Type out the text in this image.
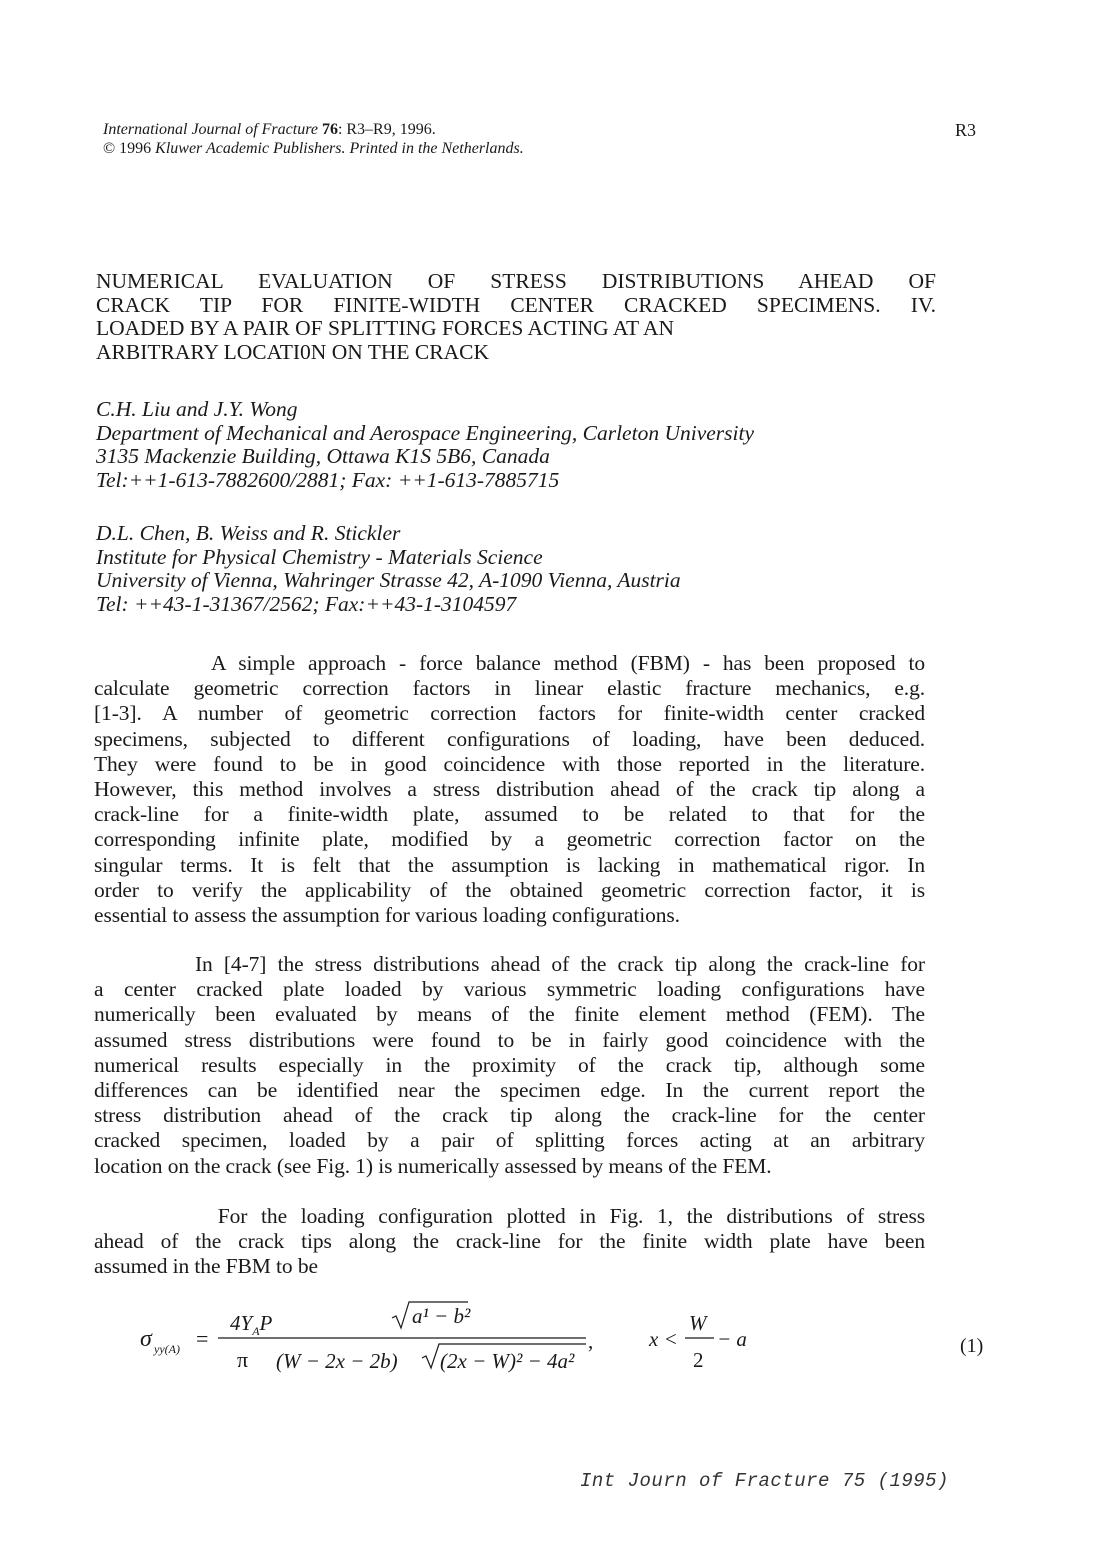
International Journal of Fracture 76: R3–R9, 1996.
© 1996 Kluwer Academic Publishers. Printed in the Netherlands.
R3
NUMERICAL EVALUATION OF STRESS DISTRIBUTIONS AHEAD OF
CRACK TIP FOR FINITE-WIDTH CENTER CRACKED SPECIMENS. IV.
LOADED BY A PAIR OF SPLITTING FORCES ACTING AT AN
ARBITRARY LOCATI0N ON THE CRACK
C.H. Liu and J.Y. Wong
Department of Mechanical and Aerospace Engineering, Carleton University
3135 Mackenzie Building, Ottawa K1S 5B6, Canada
Tel:++1-613-7882600/2881; Fax: ++1-613-7885715
D.L. Chen, B. Weiss and R. Stickler
Institute for Physical Chemistry - Materials Science
University of Vienna, Wahringer Strasse 42, A-1090 Vienna, Austria
Tel: ++43-1-31367/2562; Fax:++43-1-3104597
A simple approach - force balance method (FBM) - has been proposed to
calculate geometric correction factors in linear elastic fracture mechanics, e.g.
[1-3]. A number of geometric correction factors for finite-width center cracked
specimens, subjected to different configurations of loading, have been deduced.
They were found to be in good coincidence with those reported in the literature.
However, this method involves a stress distribution ahead of the crack tip along a
crack-line for a finite-width plate, assumed to be related to that for the
corresponding infinite plate, modified by a geometric correction factor on the
singular terms. It is felt that the assumption is lacking in mathematical rigor. In
order to verify the applicability of the obtained geometric correction factor, it is
essential to assess the assumption for various loading configurations.
In [4-7] the stress distributions ahead of the crack tip along the crack-line for
a center cracked plate loaded by various symmetric loading configurations have
numerically been evaluated by means of the finite element method (FEM). The
assumed stress distributions were found to be in fairly good coincidence with the
numerical results especially in the proximity of the crack tip, although some
differences can be identified near the specimen edge. In the current report the
stress distribution ahead of the crack tip along the crack-line for the center
cracked specimen, loaded by a pair of splitting forces acting at an arbitrary
location on the crack (see Fig. 1) is numerically assessed by means of the FEM.
For the loading configuration plotted in Fig. 1, the distributions of stress
ahead of the crack tips along the crack-line for the finite width plate have been
assumed in the FBM to be
σ yy(A) =
$4Y_AP$
π
a¹ − b²
(W − 2x − 2b) (2x − W)² − 4a²
,	x <
W
2
− a	(1)
Int Journ of Fracture 75 (1995)
